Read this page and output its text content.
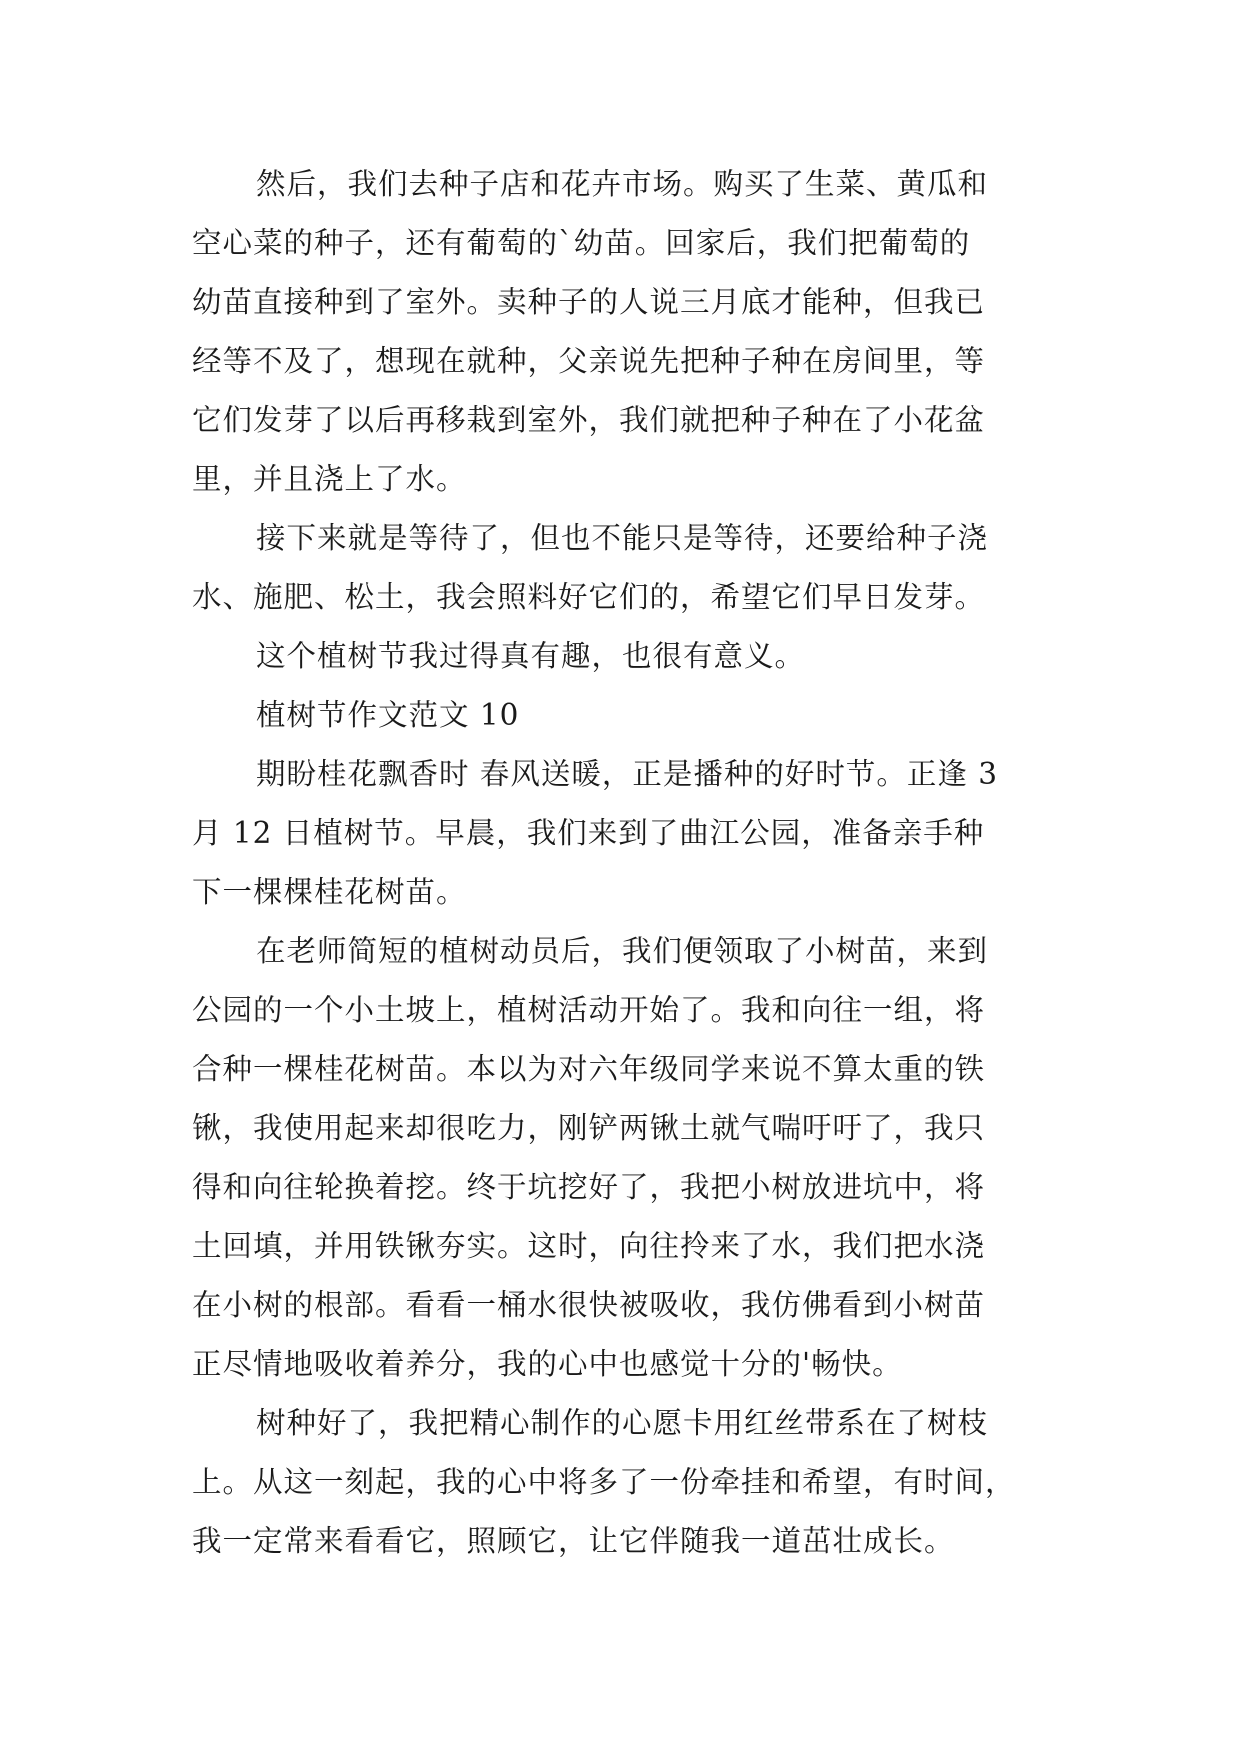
然后，我们去种子店和花卉市场。购买了生菜、黄瓜和
空心菜的种子，还有葡萄的`幼苗。回家后，我们把葡萄的
幼苗直接种到了室外。卖种子的人说三月底才能种，但我已
经等不及了，想现在就种，父亲说先把种子种在房间里，等
它们发芽了以后再移栽到室外，我们就把种子种在了小花盆
里，并且浇上了水。
接下来就是等待了，但也不能只是等待，还要给种子浇
水、施肥、松土，我会照料好它们的，希望它们早日发芽。
这个植树节我过得真有趣，也很有意义。
植树节作文范文 10
期盼桂花飘香时 春风送暖，正是播种的好时节。正逢 3
月 12 日植树节。早晨，我们来到了曲江公园，准备亲手种
下一棵棵桂花树苗。
在老师简短的植树动员后，我们便领取了小树苗，来到
公园的一个小土坡上，植树活动开始了。我和向往一组，将
合种一棵桂花树苗。本以为对六年级同学来说不算太重的铁
锹，我使用起来却很吃力，刚铲两锹土就气喘吁吁了，我只
得和向往轮换着挖。终于坑挖好了，我把小树放进坑中，将
土回填，并用铁锹夯实。这时，向往拎来了水，我们把水浇
在小树的根部。看看一桶水很快被吸收，我仿佛看到小树苗
正尽情地吸收着养分，我的心中也感觉十分的'畅快。
树种好了，我把精心制作的心愿卡用红丝带系在了树枝
上。从这一刻起，我的心中将多了一份牵挂和希望，有时间，
我一定常来看看它，照顾它，让它伴随我一道茁壮成长。
